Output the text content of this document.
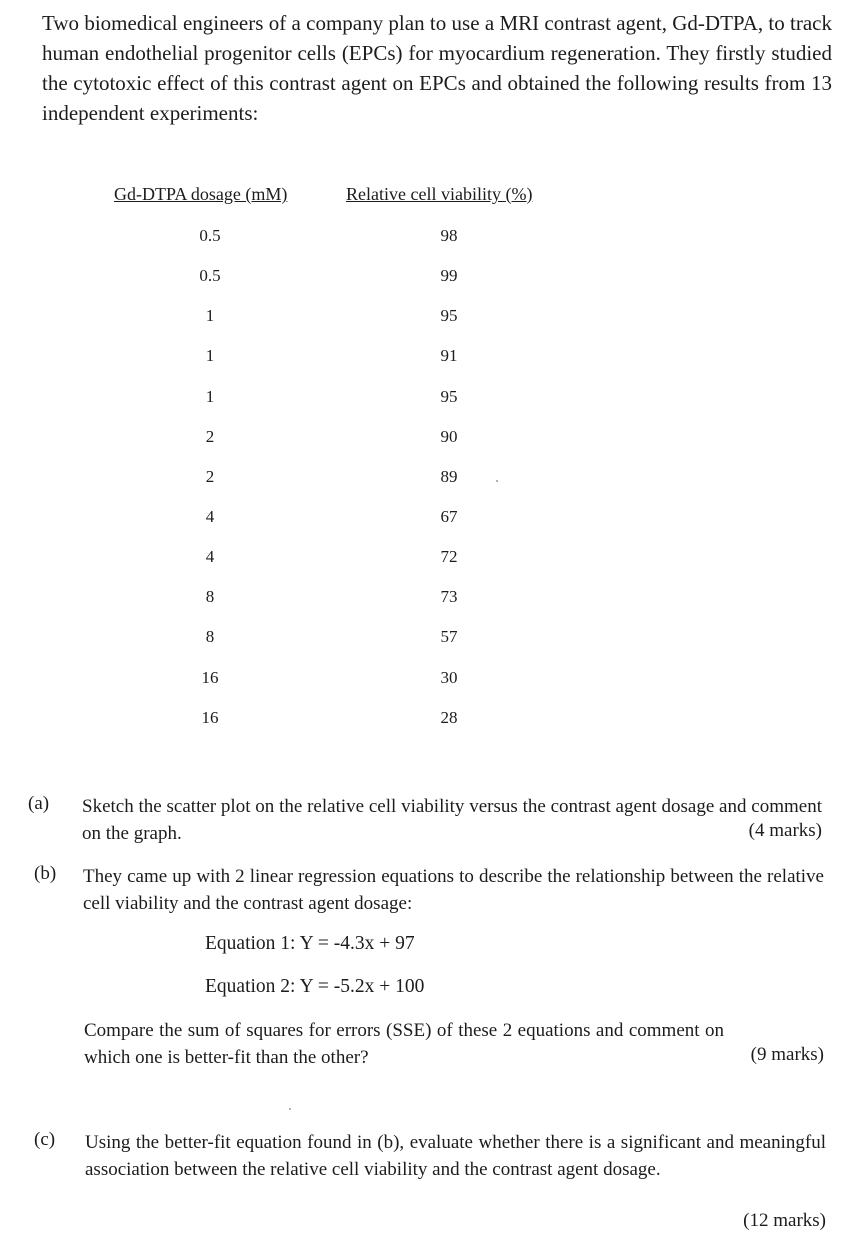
Two biomedical engineers of a company plan to use a MRI contrast agent, Gd-DTPA, to track human endothelial progenitor cells (EPCs) for myocardium regeneration. They firstly studied the cytotoxic effect of this contrast agent on EPCs and obtained the following results from 13 independent experiments:

Gd-DTPA dosage (mM)	Relative cell viability (%)
0.5	98
0.5	99
1	95
1	91
1	95
2	90
2	89
4	67
4	72
8	73
8	57
16	30
16	28
(a) Sketch the scatter plot on the relative cell viability versus the contrast agent dosage and comment on the graph.	(4 marks)
(b) They came up with 2 linear regression equations to describe the relationship between the relative cell viability and the contrast agent dosage:

Equation 1: Y = -4.3x + 97
Equation 2: Y = -5.2x + 100

Compare the sum of squares for errors (SSE) of these 2 equations and comment on which one is better-fit than the other?	(9 marks)
(c) Using the better-fit equation found in (b), evaluate whether there is a significant and meaningful association between the relative cell viability and the contrast agent dosage.

(12 marks)
